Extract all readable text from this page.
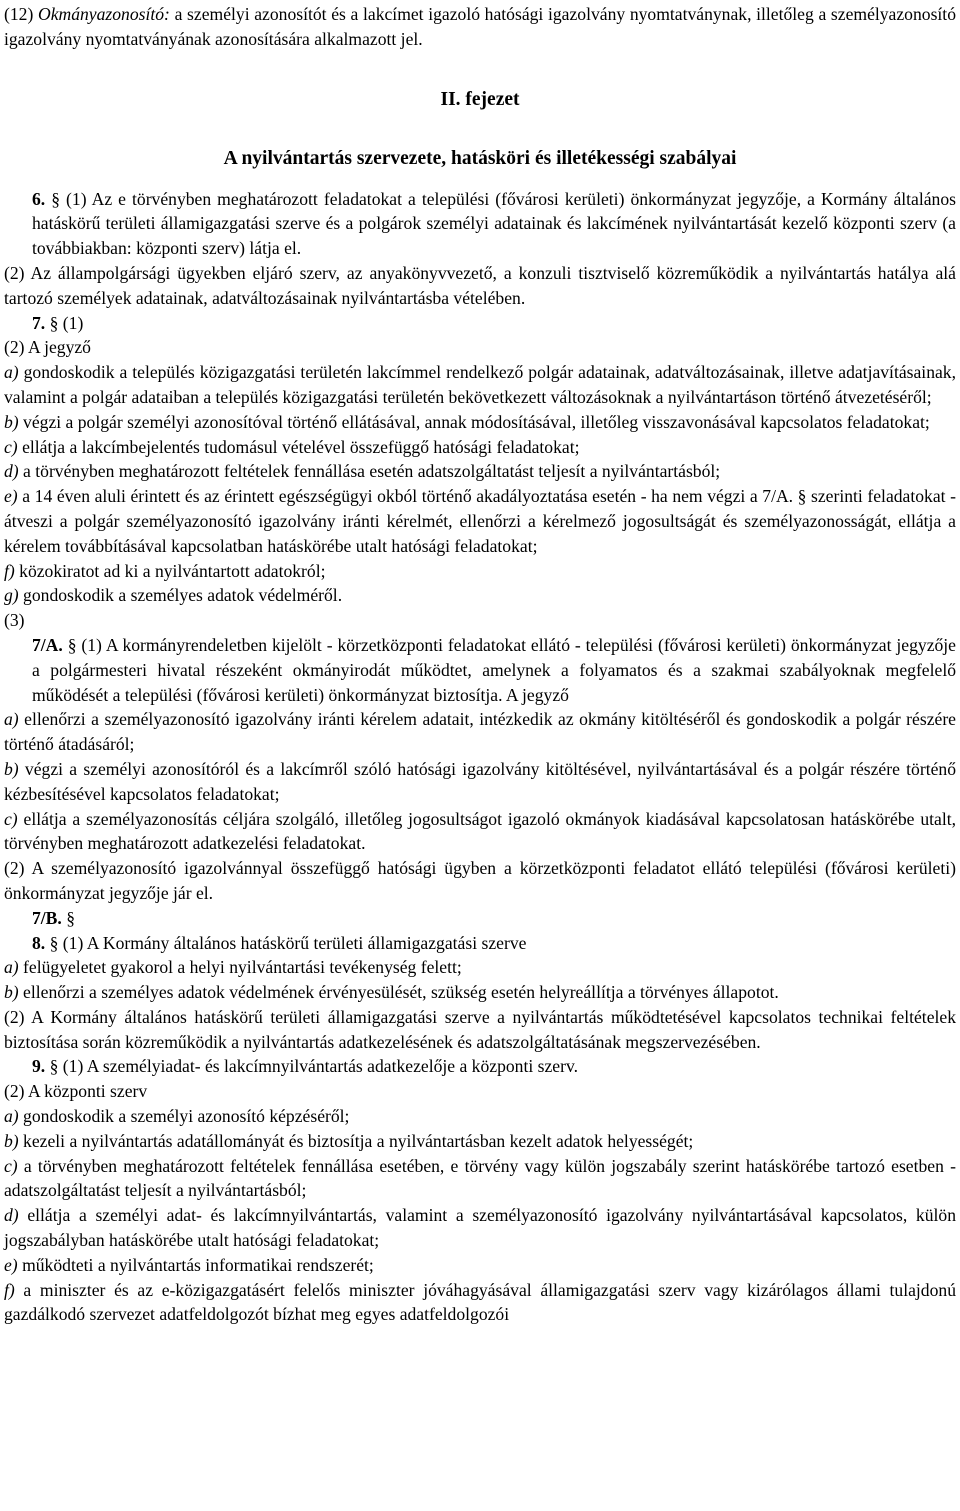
(12) Okmányazonosító: a személyi azonosítót és a lakcímet igazoló hatósági igazolvány nyomtatványnak, illetőleg a személyazonosító igazolvány nyomtatványának azonosítására alkalmazott jel.

II. fejezet
A nyilvántartás szervezete, hatásköri és illetékességi szabályai

6. § (1) Az e törvényben meghatározott feladatokat a települési (fővárosi kerületi) önkormányzat jegyzője, a Kormány általános hatáskörű területi államigazgatási szerve és a polgárok személyi adatainak és lakcímének nyilvántartását kezelő központi szerv (a továbbiakban: központi szerv) látja el.

(2) Az állampolgársági ügyekben eljáró szerv, az anyakönyvvezető, a konzuli tisztviselő közreműködik a nyilvántartás hatálya alá tartozó személyek adatainak, adatváltozásainak nyilvántartásba vételében.

7. § (1)

(2) A jegyző

a) gondoskodik a település közigazgatási területén lakcímmel rendelkező polgár adatainak, adatváltozásainak, illetve adatjavításainak, valamint a polgár adataiban a település közigazgatási területén bekövetkezett változásoknak a nyilvántartáson történő átvezetéséről;

b) végzi a polgár személyi azonosítóval történő ellátásával, annak módosításával, illetőleg visszavonásával kapcsolatos feladatokat;

c) ellátja a lakcímbejelentés tudomásul vételével összefüggő hatósági feladatokat;

d) a törvényben meghatározott feltételek fennállása esetén adatszolgáltatást teljesít a nyilvántartásból;

e) a 14 éven aluli érintett és az érintett egészségügyi okból történő akadályoztatása esetén - ha nem végzi a 7/A. § szerinti feladatokat - átveszi a polgár személyazonosító igazolvány iránti kérelmét, ellenőrzi a kérelmező jogosultságát és személyazonosságát, ellátja a kérelem továbbításával kapcsolatban hatáskörébe utalt hatósági feladatokat;

f) közokiratot ad ki a nyilvántartott adatokról;

g) gondoskodik a személyes adatok védelméről.

(3)

7/A. § (1) A kormányrendeletben kijelölt - körzetközponti feladatokat ellátó - települési (fővárosi kerületi) önkormányzat jegyzője a polgármesteri hivatal részeként okmányirodát működtet, amelynek a folyamatos és a szakmai szabályoknak megfelelő működését a települési (fővárosi kerületi) önkormányzat biztosítja. A jegyző

a) ellenőrzi a személyazonosító igazolvány iránti kérelem adatait, intézkedik az okmány kitöltéséről és gondoskodik a polgár részére történő átadásáról;

b) végzi a személyi azonosítóról és a lakcímről szóló hatósági igazolvány kitöltésével, nyilvántartásával és a polgár részére történő kézbesítésével kapcsolatos feladatokat;

c) ellátja a személyazonosítás céljára szolgáló, illetőleg jogosultságot igazoló okmányok kiadásával kapcsolatosan hatáskörébe utalt, törvényben meghatározott adatkezelési feladatokat.

(2) A személyazonosító igazolvánnyal összefüggő hatósági ügyben a körzetközponti feladatot ellátó települési (fővárosi kerületi) önkormányzat jegyzője jár el.

7/B. §

8. § (1) A Kormány általános hatáskörű területi államigazgatási szerve

a) felügyeletet gyakorol a helyi nyilvántartási tevékenység felett;

b) ellenőrzi a személyes adatok védelmének érvényesülését, szükség esetén helyreállítja a törvényes állapotot.

(2) A Kormány általános hatáskörű területi államigazgatási szerve a nyilvántartás működtetésével kapcsolatos technikai feltételek biztosítása során közreműködik a nyilvántartás adatkezelésének és adatszolgáltatásának megszervezésében.

9. § (1) A személyiadat- és lakcímnyilvántartás adatkezelője a központi szerv.

(2) A központi szerv

a) gondoskodik a személyi azonosító képzéséről;

b) kezeli a nyilvántartás adatállományát és biztosítja a nyilvántartásban kezelt adatok helyességét;

c) a törvényben meghatározott feltételek fennállása esetében, e törvény vagy külön jogszabály szerint hatáskörébe tartozó esetben - adatszolgáltatást teljesít a nyilvántartásból;

d) ellátja a személyi adat- és lakcímnyilvántartás, valamint a személyazonosító igazolvány nyilvántartásával kapcsolatos, külön jogszabályban hatáskörébe utalt hatósági feladatokat;

e) működteti a nyilvántartás informatikai rendszerét;

f) a miniszter és az e-közigazgatásért felelős miniszter jóváhagyásával államigazgatási szerv vagy kizárólagos állami tulajdonú gazdálkodó szervezet adatfeldolgozót bízhat meg egyes adatfeldolgozói
